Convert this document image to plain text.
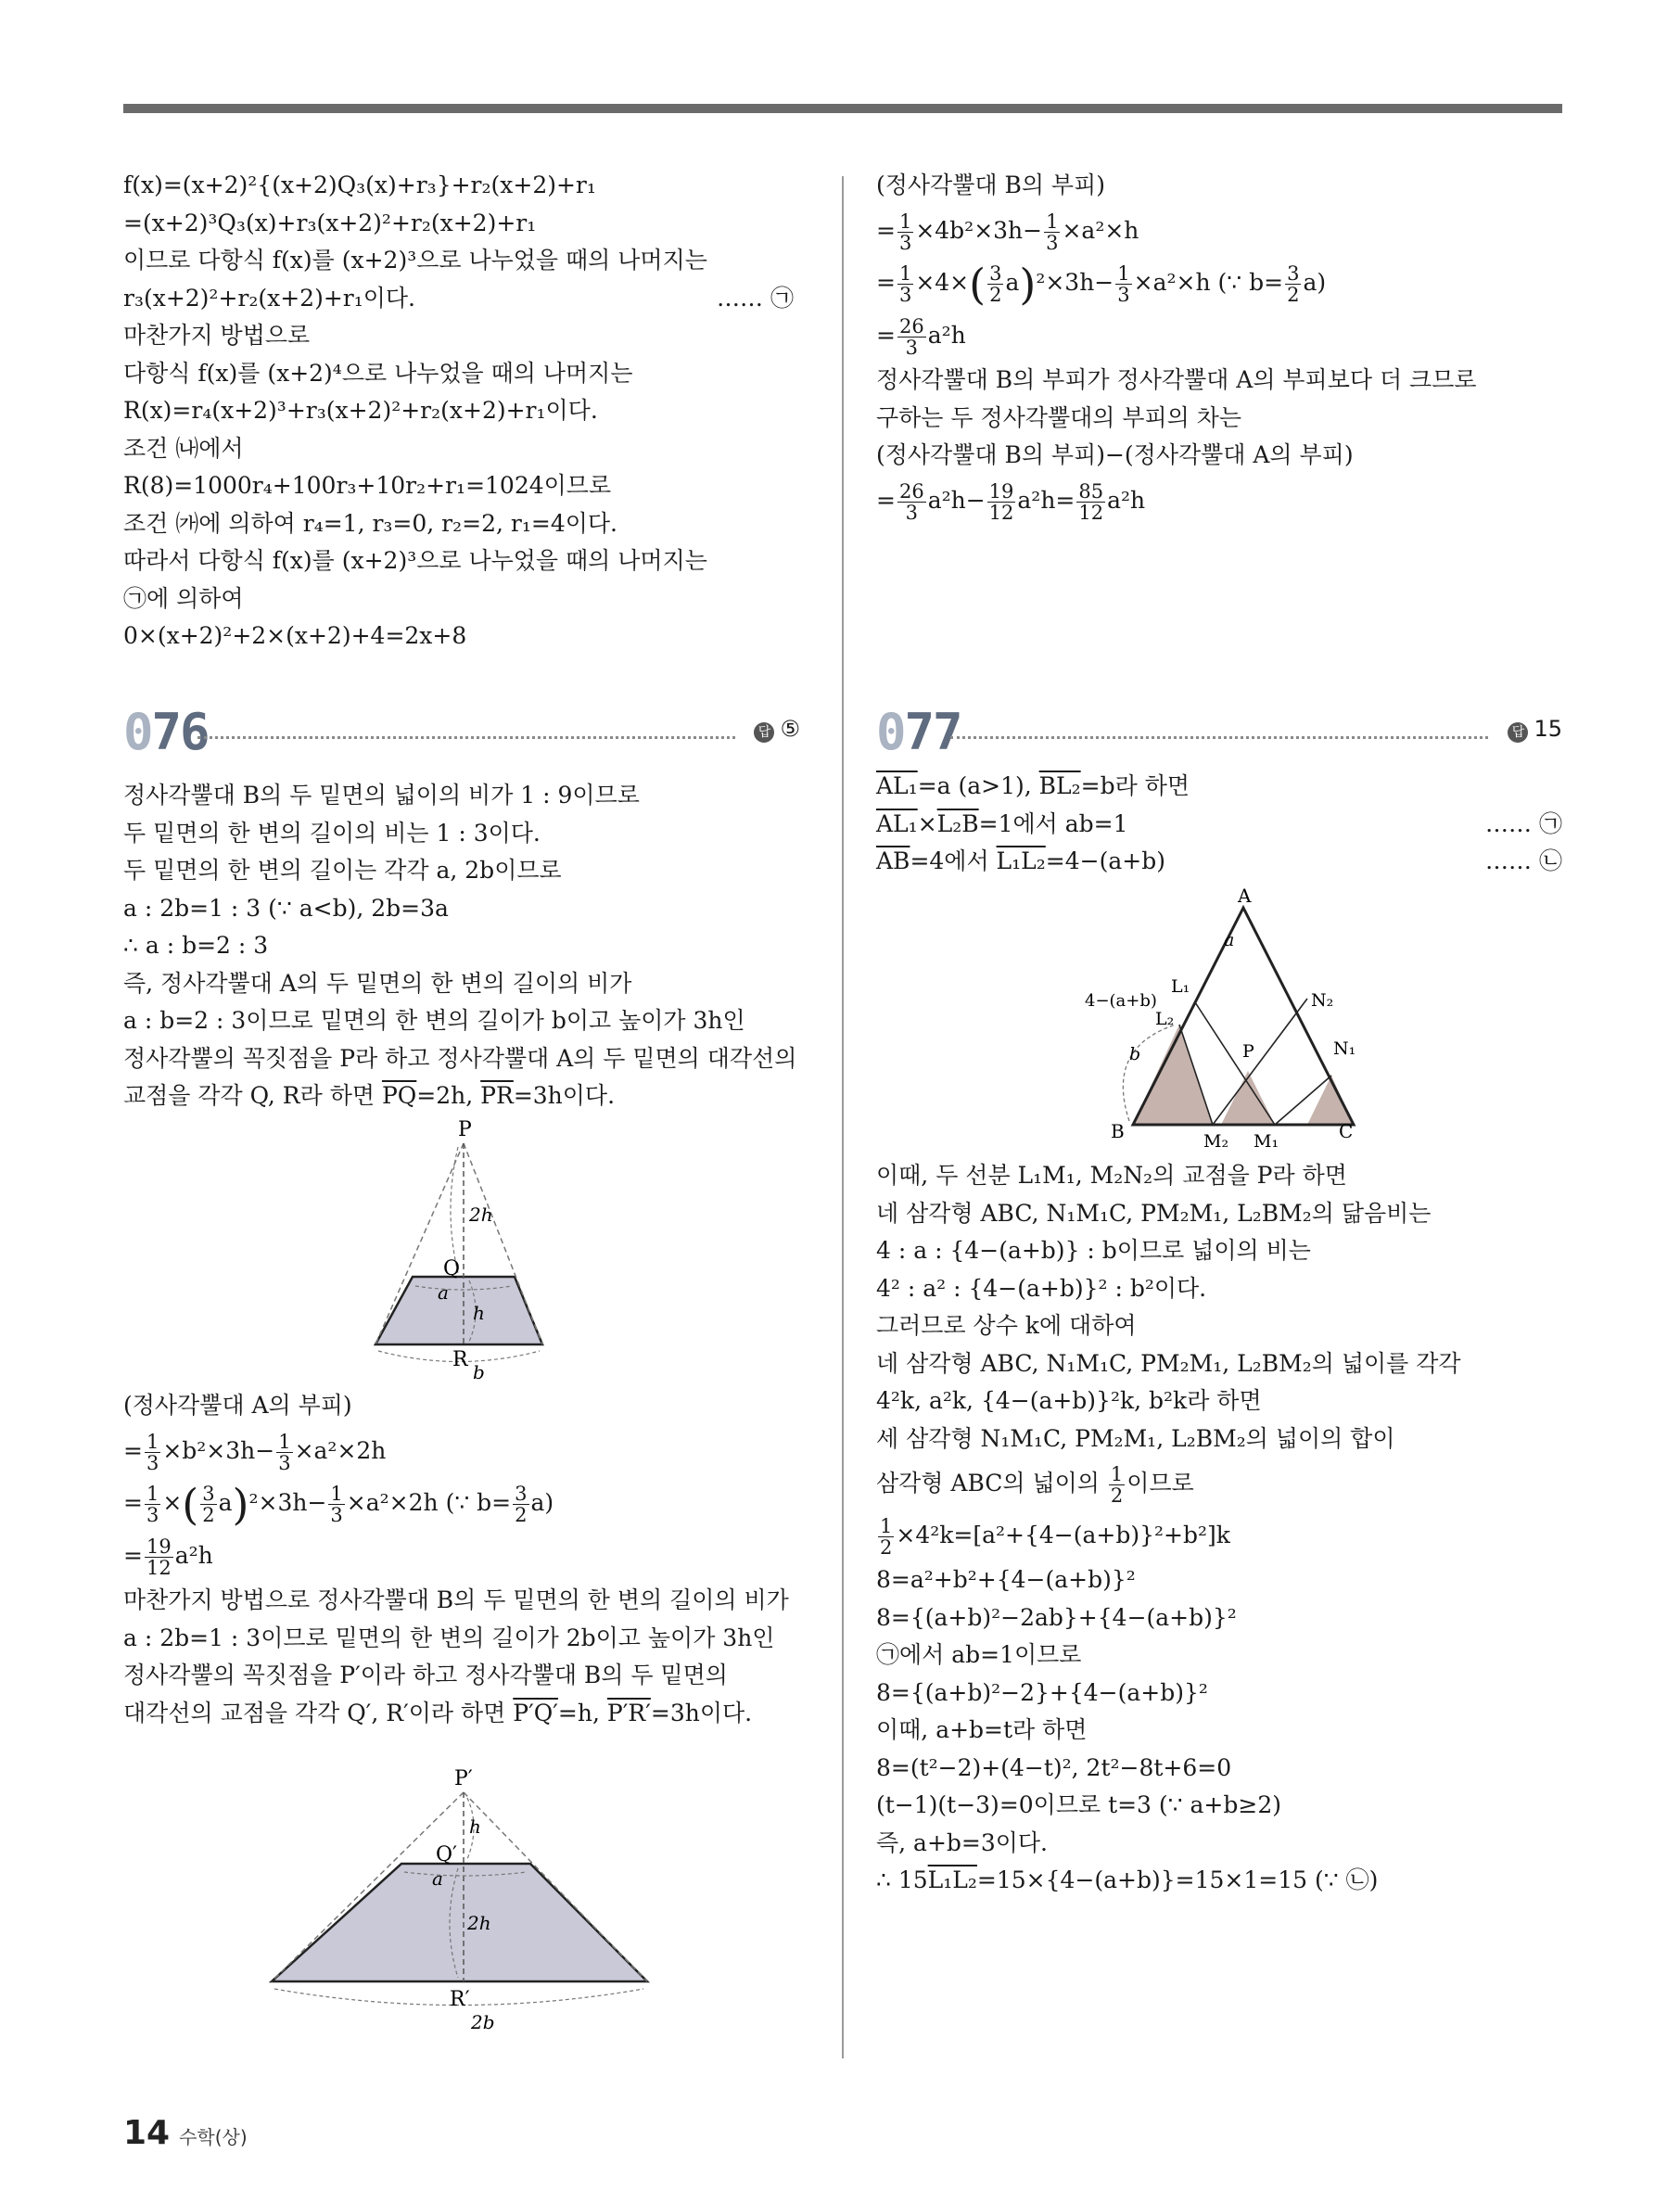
f(x)=(x+2)²{(x+2)Q₃(x)+r₃}+r₂(x+2)+r₁

=(x+2)³Q₃(x)+r₃(x+2)²+r₂(x+2)+r₁

이므로 다항식 f(x)를 (x+2)³으로 나누었을 때의 나머지는

r₃(x+2)²+r₂(x+2)+r₁이다.	…… ㉠

마찬가지 방법으로

다항식 f(x)를 (x+2)⁴으로 나누었을 때의 나머지는

R(x)=r₄(x+2)³+r₃(x+2)²+r₂(x+2)+r₁이다.

조건 ㈏에서

R(8)=1000r₄+100r₃+10r₂+r₁=1024이므로

조건 ㈎에 의하여 r₄=1, r₃=0, r₂=2, r₁=4이다.

따라서 다항식 f(x)를 (x+2)³으로 나누었을 때의 나머지는

㉠에 의하여

0×(x+2)²+2×(x+2)+4=2x+8

076	답 ⑤

정사각뿔대 B의 두 밑면의 넓이의 비가 1 : 9이므로

두 밑면의 한 변의 길이의 비는 1 : 3이다.

두 밑면의 한 변의 길이는 각각 a, 2b이므로

a : 2b=1 : 3 (∵ a<b), 2b=3a

∴ a : b=2 : 3

즉, 정사각뿔대 A의 두 밑면의 한 변의 길이의 비가

a : b=2 : 3이므로 밑면의 한 변의 길이가 b이고 높이가 3h인

정사각뿔의 꼭짓점을 P라 하고 정사각뿔대 A의 두 밑면의 대각선의

교점을 각각 Q, R라 하면 $\overline{PQ}=2h$, $\overline{PR}=3h$이다.

P
2h
Q
a
h
R
b

(정사각뿔대 A의 부피)

= $\frac{1}{3} \times b^2\times 3h- \frac{1}{3} \times a^2\times 2h$

= $\frac{1}{3}$ ×( $\frac{3}{2} a)^2\times 3h- \frac{1}{3} \times a^2\times 2h$ (∵ $b= \frac{3}{2} a$)

= $\frac{19}{12} a^2h$

마찬가지 방법으로 정사각뿔대 B의 두 밑면의 한 변의 길이의 비가

a : 2b=1 : 3이므로 밑면의 한 변의 길이가 2b이고 높이가 3h인

정사각뿔의 꼭짓점을 P′이라 하고 정사각뿔대 B의 두 밑면의

대각선의 교점을 각각 Q′, R′이라 하면 P′Q′=h, P′R′=3h이다.

P′
h
Q′
a
2h
R′
2b

(정사각뿔대 B의 부피)

= $\frac{1}{3} \times 4b^2\times 3h- \frac{1}{3} \times a^2\times h$

= $\frac{1}{3} \times 4\times( \frac{3}{2} a)^2\times 3h- \frac{1}{3} \times a^2\times h$ (∵ $b= \frac{3}{2} a$)

= $\frac{26}{3} a^2h$

정사각뿔대 B의 부피가 정사각뿔대 A의 부피보다 더 크므로

구하는 두 정사각뿔대의 부피의 차는

(정사각뿔대 B의 부피)−(정사각뿔대 A의 부피)

= $\frac{26}{3} a^2h- \frac{19}{12} a^2h= \frac{85}{12} a^2h$

077	답 15

AL₁=a (a>1), BL₂=b라 하면

AL₁×L₂B=1에서 ab=1	…… ㉠

$\overline{AB}=4$에서 L₁L₂=4−(a+b)	…… ㉡

A
a
L₁
4−(a+b)
L₂
N₂
N₁
P
b
B	M₂ M₁	C

이때, 두 선분 L₁M₁, M₂N₂의 교점을 P라 하면

네 삼각형 ABC, N₁M₁C, PM₂M₁, L₂BM₂의 닮음비는

4 : a : {4−(a+b)} : b이므로 넓이의 비는

4² : a² : {4−(a+b)}² : b²이다.

그러므로 상수 k에 대하여

네 삼각형 ABC, N₁M₁C, PM₂M₁, L₂BM₂의 넓이를 각각

4²k, a²k, {4−(a+b)}²k, b²k라 하면

세 삼각형 N₁M₁C, PM₂M₁, L₂BM₂의 넓이의 합이

삼각형 ABC의 넓이의 $\frac{1}{2}$ 이므로

$\frac{1}{2} \times 4^2k=[a^2+\{4-(a+b)\}^2+b^2]k$

8=a²+b²+{4−(a+b)}²

8={(a+b)²−2ab}+{4−(a+b)}²

㉠에서 ab=1이므로

8={(a+b)²−2}+{4−(a+b)}²

이때, a+b=t라 하면

8=(t²−2)+(4−t)², 2t²−8t+6=0

(t−1)(t−3)=0이므로 t=3 (∵ a+b≥2)

즉, a+b=3이다.

∴ 15L₁L₂=15×{4−(a+b)}=15×1=15 (∵ ㉡)

14 수학(상)
